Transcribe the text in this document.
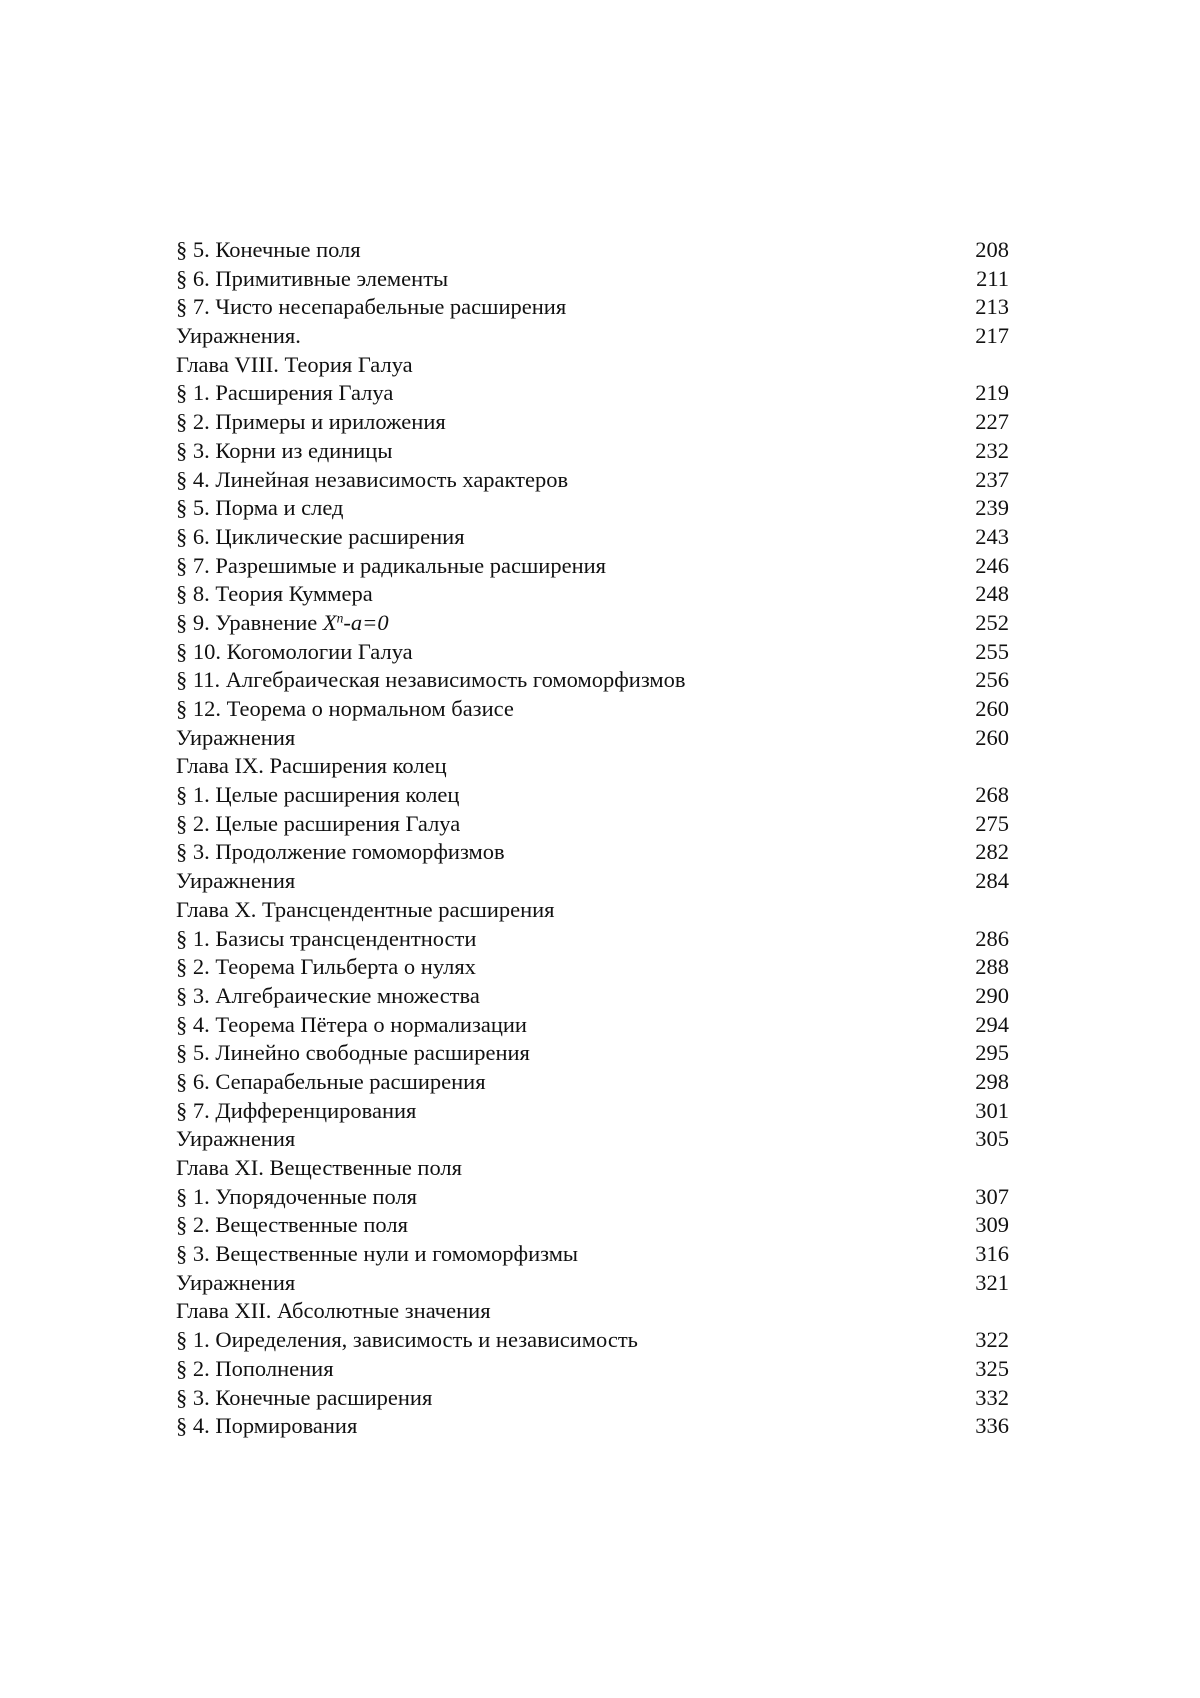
§ 5. Конечные поля	208
§ 6. Примитивные элементы	211
§ 7. Чисто несепарабельные расширения	213
Уиражнения.	217
Глава VIII. Теория Галуа
§ 1. Расширения Галуа	219
§ 2. Примеры и ириложения	227
§ 3. Корни из единицы	232
§ 4. Линейная независимость характеров	237
§ 5. Порма и след	239
§ 6. Циклические расширения	243
§ 7. Разрешимые и радикальные расширения	246
§ 8. Теория Куммера	248
§ 9. Уравнение $X^n-a=0$	252
§ 10. Когомологии Галуа	255
§ 11. Алгебраическая независимость гомоморфизмов	256
§ 12. Теорема о нормальном базисе	260
Уиражнения	260
Глава IX. Расширения колец
§ 1. Целые расширения колец	268
§ 2. Целые расширения Галуа	275
§ 3. Продолжение гомоморфизмов	282
Уиражнения	284
Глава X. Трансцендентные расширения
§ 1. Базисы трансцендентности	286
§ 2. Теорема Гильберта о нулях	288
§ 3. Алгебраические множества	290
§ 4. Теорема Пётера о нормализации	294
§ 5. Линейно свободные расширения	295
§ 6. Сепарабельные расширения	298
§ 7. Дифференцирования	301
Уиражнения	305
Глава XI. Вещественные поля
§ 1. Упорядоченные поля	307
§ 2. Вещественные поля	309
§ 3. Вещественные нули и гомоморфизмы	316
Уиражнения	321
Глава XII. Абсолютные значения
§ 1. Оиределения, зависимость и независимость	322
§ 2. Пополнения	325
§ 3. Конечные расширения	332
§ 4. Пормирования	336
